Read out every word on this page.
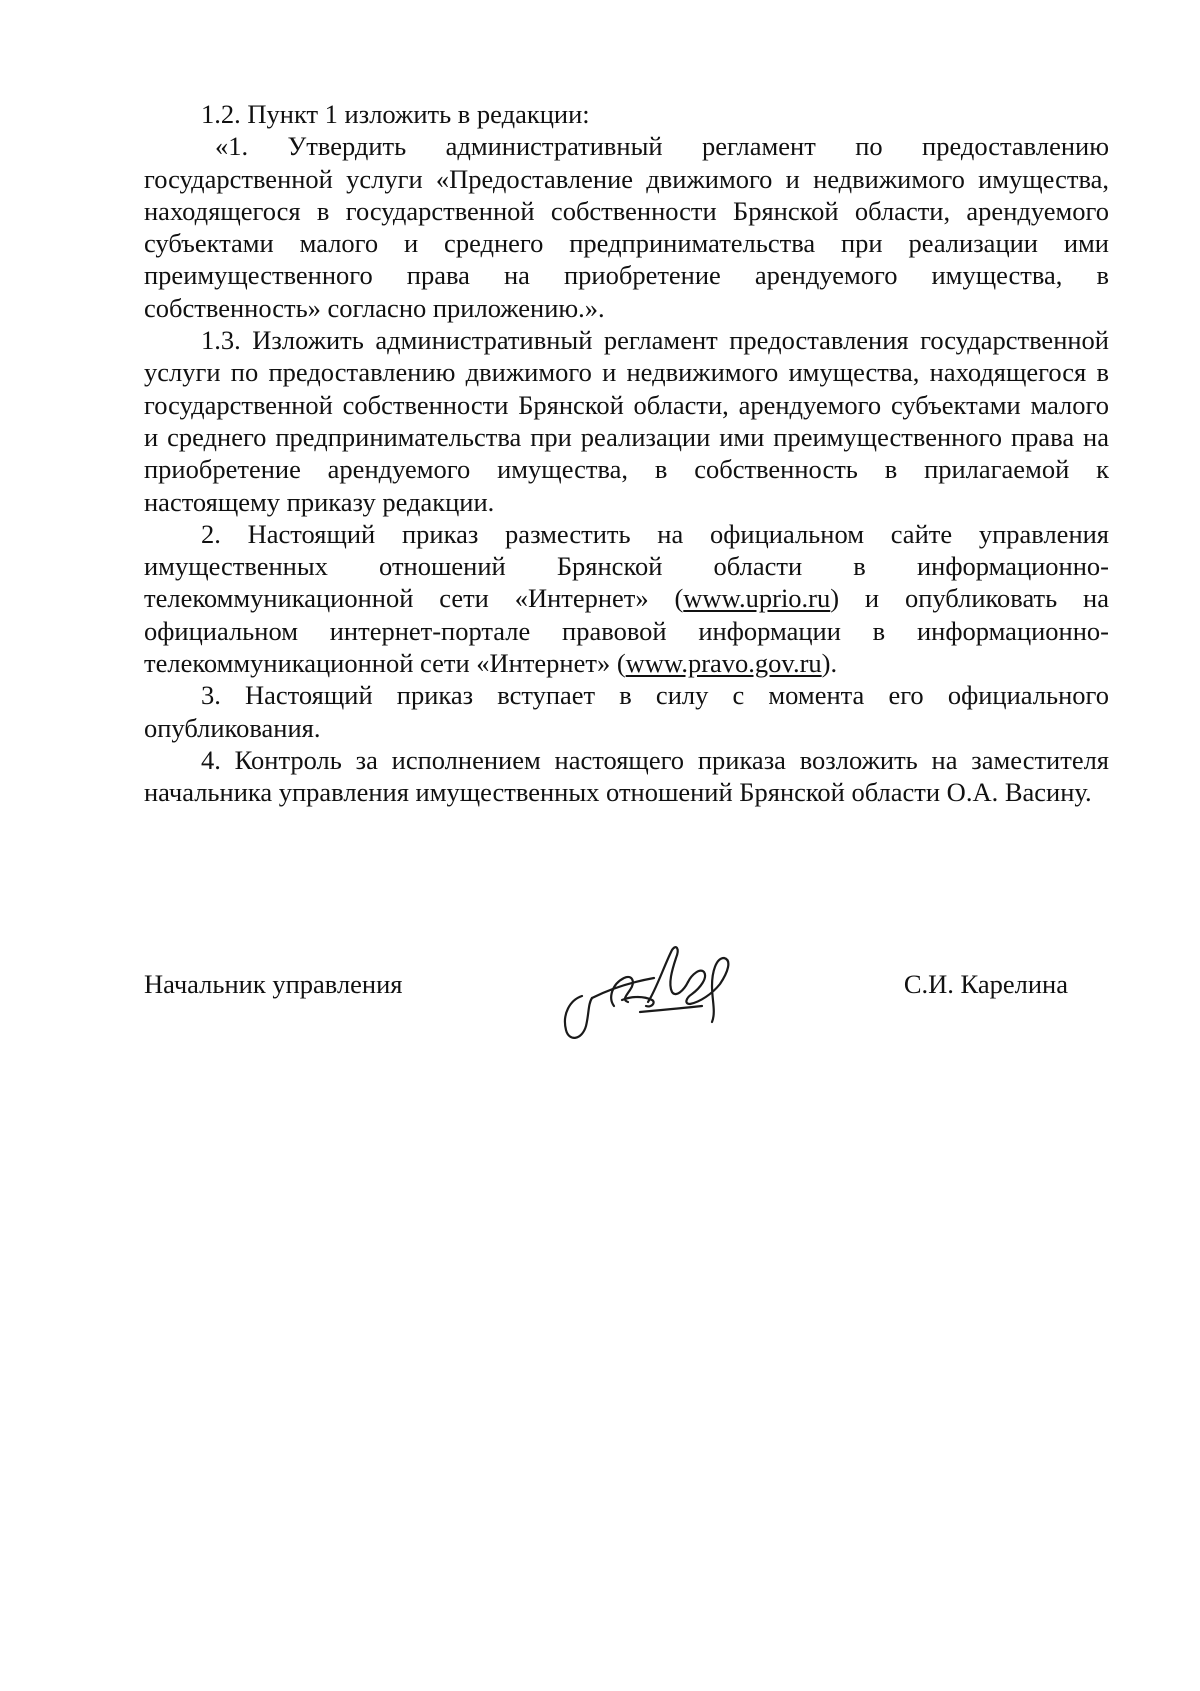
1.2. Пункт 1 изложить в редакции:

«1. Утвердить административный регламент по предоставлению государственной услуги «Предоставление движимого и недвижимого имущества, находящегося в государственной собственности Брянской области, арендуемого субъектами малого и среднего предпринимательства при реализации ими преимущественного права на приобретение арендуемого имущества, в собственность» согласно приложению.».

1.3. Изложить административный регламент предоставления государственной услуги по предоставлению движимого и недвижимого имущества, находящегося в государственной собственности Брянской области, арендуемого субъектами малого и среднего предпринимательства при реализации ими преимущественного права на приобретение арендуемого имущества, в собственность в прилагаемой к настоящему приказу редакции.

2. Настоящий приказ разместить на официальном сайте управления имущественных отношений Брянской области в информационно-телекоммуникационной сети «Интернет» (www.uprio.ru) и опубликовать на официальном интернет-портале правовой информации в информационно-телекоммуникационной сети «Интернет» (www.pravo.gov.ru).

3. Настоящий приказ вступает в силу с момента его официального опубликования.

4. Контроль за исполнением настоящего приказа возложить на заместителя начальника управления имущественных отношений Брянской области О.А. Васину.

Начальник управления	С.И. Карелина
